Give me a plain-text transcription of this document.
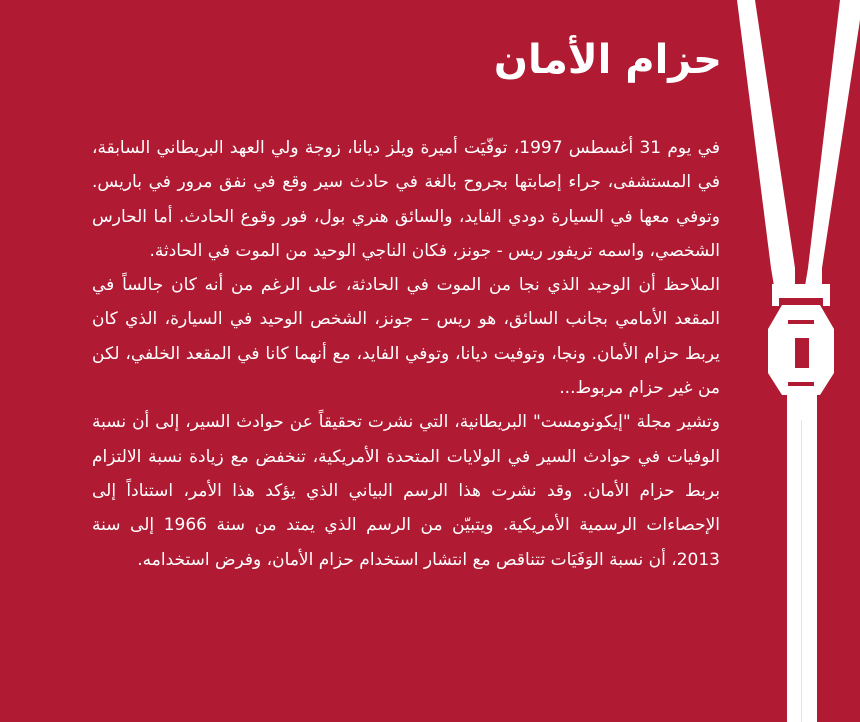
حزام الأمان

في يوم 31 أغسطس 1997، توفّيَت أميرة ويلز ديانا، زوجة ولي العهد البريطاني السابقة، في المستشفى، جراء إصابتها بجروح بالغة في حادث سير وقع في نفق مرور في باريس. وتوفي معها في السيارة دودي الفايد، والسائق هنري بول، فور وقوع الحادث. أما الحارس الشخصي، واسمه تريفور ريس - جونز، فكان الناجي الوحيد من الموت في الحادثة.

الملاحظ أن الوحيد الذي نجا من الموت في الحادثة، على الرغم من أنه كان جالساً في المقعد الأمامي بجانب السائق، هو ريس – جونز، الشخص الوحيد في السيارة، الذي كان يربط حزام الأمان. ونجا، وتوفيت ديانا، وتوفي الفايد، مع أنهما كانا في المقعد الخلفي، لكن من غير حزام مربوط...

وتشير مجلة "إيكونومست" البريطانية، التي نشرت تحقيقاً عن حوادث السير، إلى أن نسبة الوفيات في حوادث السير في الولايات المتحدة الأمريكية، تنخفض مع زيادة نسبة الالتزام بربط حزام الأمان. وقد نشرت هذا الرسم البياني الذي يؤكد هذا الأمر، استناداً إلى الإحصاءات الرسمية الأمريكية. ويتبيّن من الرسم الذي يمتد من سنة 1966 إلى سنة 2013، أن نسبة الوَفَيَات تتناقص مع انتشار استخدام حزام الأمان، وفرض استخدامه.
